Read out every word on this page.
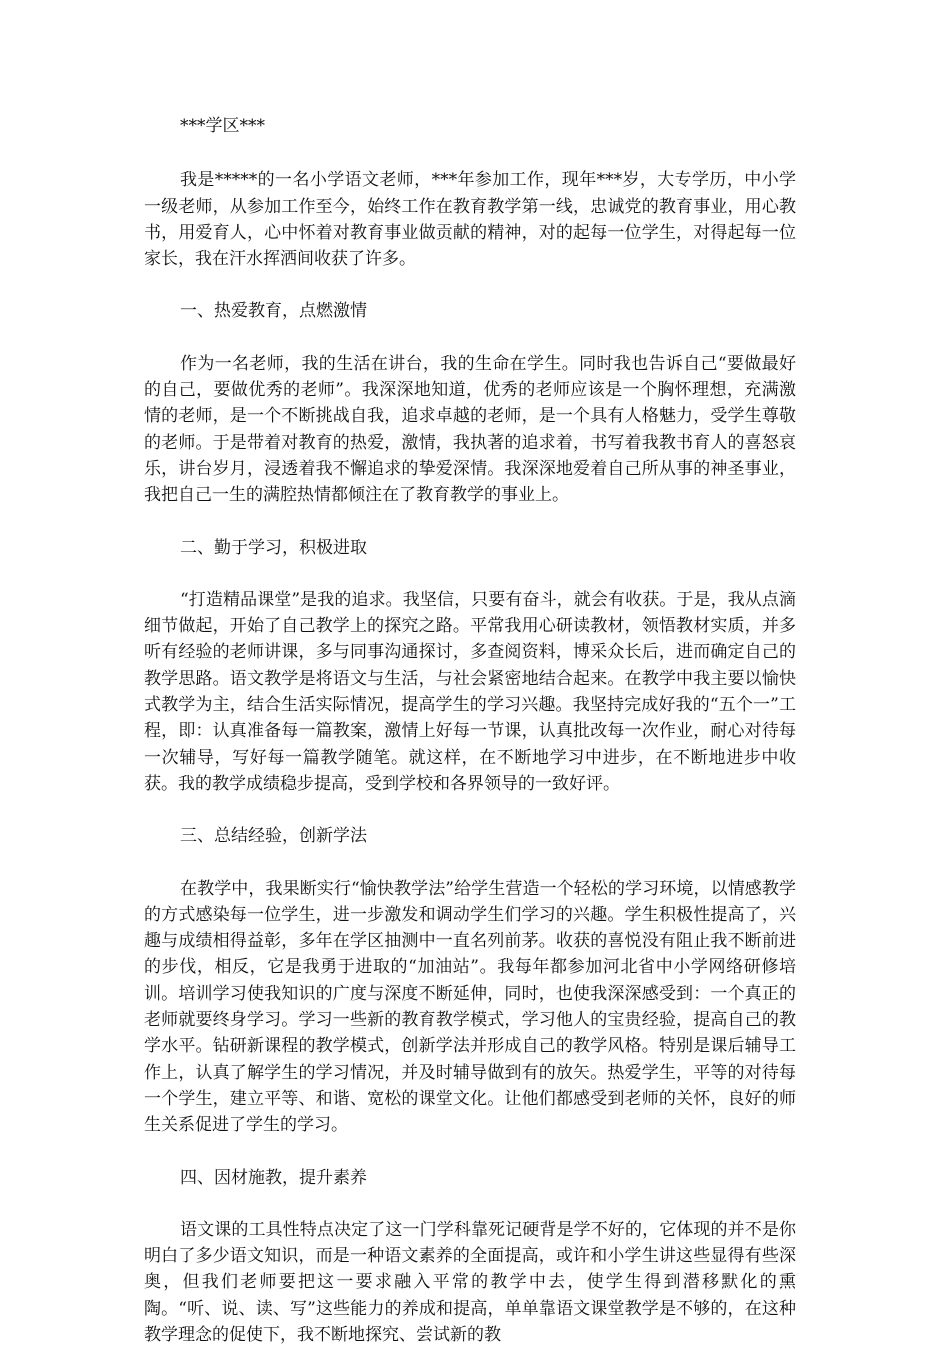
***学区***

我是*****的一名小学语文老师，***年参加工作，现年***岁，大专学历，中小学一级老师，从参加工作至今，始终工作在教育教学第一线，忠诚党的教育事业，用心教书，用爱育人，心中怀着对教育事业做贡献的精神，对的起每一位学生，对得起每一位家长，我在汗水挥洒间收获了许多。

一、热爱教育，点燃激情

作为一名老师，我的生活在讲台，我的生命在学生。同时我也告诉自己“要做最好的自己，要做优秀的老师”。我深深地知道，优秀的老师应该是一个胸怀理想，充满激情的老师，是一个不断挑战自我，追求卓越的老师，是一个具有人格魅力，受学生尊敬的老师。于是带着对教育的热爱，激情，我执著的追求着，书写着我教书育人的喜怒哀乐，讲台岁月，浸透着我不懈追求的挚爱深情。我深深地爱着自己所从事的神圣事业，我把自己一生的满腔热情都倾注在了教育教学的事业上。

二、勤于学习，积极进取

“打造精品课堂”是我的追求。我坚信，只要有奋斗，就会有收获。于是，我从点滴细节做起，开始了自己教学上的探究之路。平常我用心研读教材，领悟教材实质，并多听有经验的老师讲课，多与同事沟通探讨，多查阅资料，博采众长后，进而确定自己的教学思路。语文教学是将语文与生活，与社会紧密地结合起来。在教学中我主要以愉快式教学为主，结合生活实际情况，提高学生的学习兴趣。我坚持完成好我的“五个一”工程，即：认真准备每一篇教案，激情上好每一节课，认真批改每一次作业，耐心对待每一次辅导，写好每一篇教学随笔。就这样，在不断地学习中进步，在不断地进步中收获。我的教学成绩稳步提高，受到学校和各界领导的一致好评。

三、总结经验，创新学法

在教学中，我果断实行“愉快教学法”给学生营造一个轻松的学习环境，以情感教学的方式感染每一位学生，进一步激发和调动学生们学习的兴趣。学生积极性提高了，兴趣与成绩相得益彰，多年在学区抽测中一直名列前茅。收获的喜悦没有阻止我不断前进的步伐，相反，它是我勇于进取的“加油站”。我每年都参加河北省中小学网络研修培训。培训学习使我知识的广度与深度不断延伸，同时，也使我深深感受到：一个真正的老师就要终身学习。学习一些新的教育教学模式，学习他人的宝贵经验，提高自己的教学水平。钻研新课程的教学模式，创新学法并形成自己的教学风格。特别是课后辅导工作上，认真了解学生的学习情况，并及时辅导做到有的放矢。热爱学生，平等的对待每一个学生，建立平等、和谐、宽松的课堂文化。让他们都感受到老师的关怀，良好的师生关系促进了学生的学习。

四、因材施教，提升素养

语文课的工具性特点决定了这一门学科靠死记硬背是学不好的，它体现的并不是你明白了多少语文知识，而是一种语文素养的全面提高，或许和小学生讲这些显得有些深奥，但我们老师要把这一要求融入平常的教学中去，使学生得到潜移默化的熏陶。“听、说、读、写”这些能力的养成和提高，单单靠语文课堂教学是不够的，在这种教学理念的促使下，我不断地探究、尝试新的教
